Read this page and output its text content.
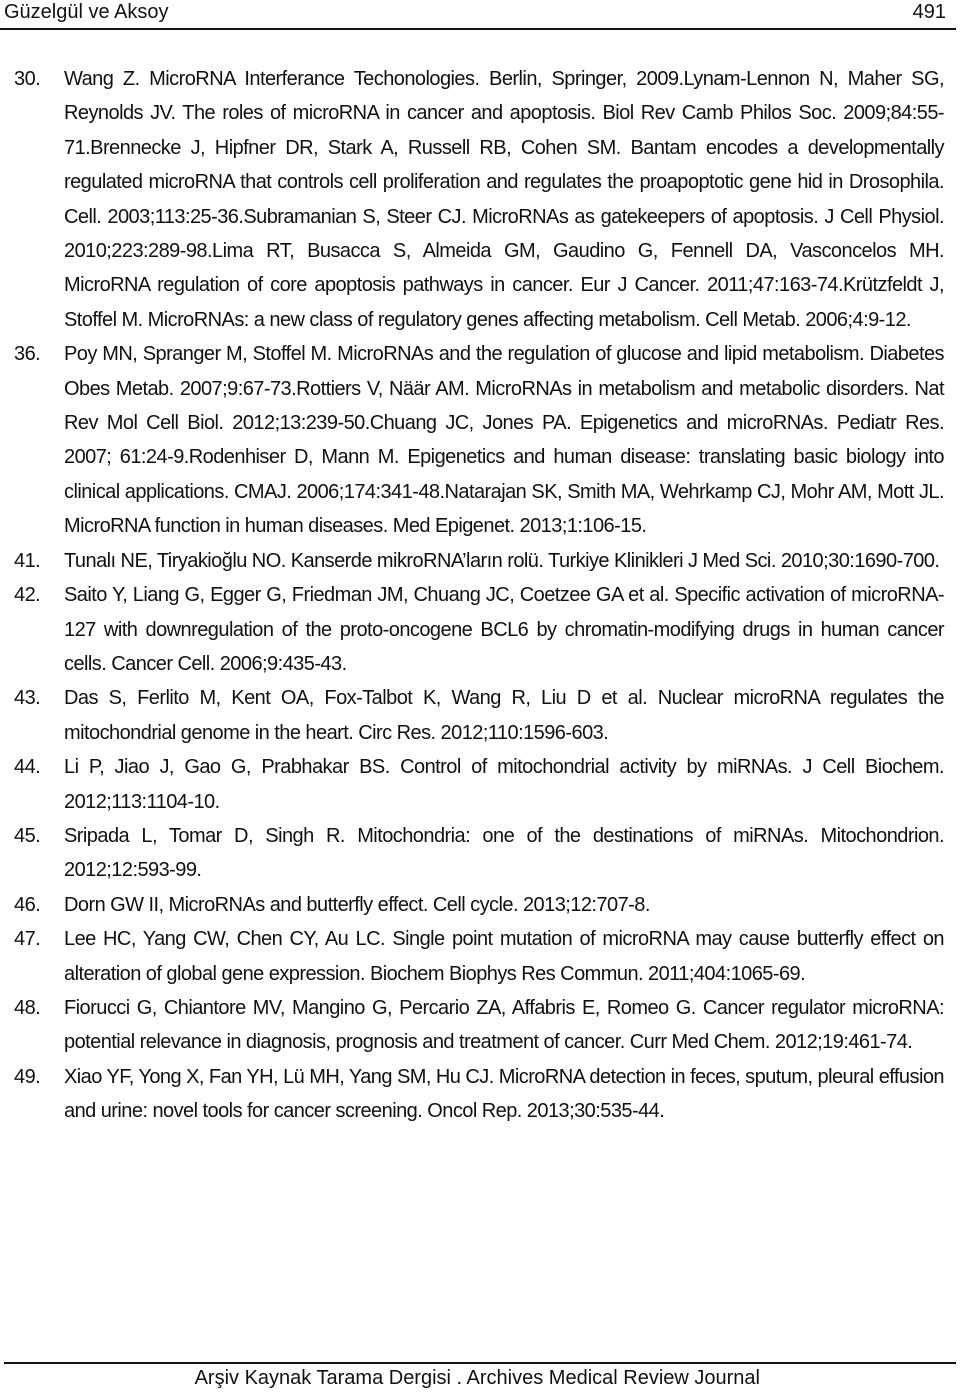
Güzelgül ve Aksoy	491
30.	Wang Z. MicroRNA Interferance Techonologies. Berlin, Springer, 2009.Lynam-Lennon N, Maher SG, Reynolds JV. The roles of microRNA in cancer and apoptosis. Biol Rev Camb Philos Soc. 2009;84:55-71.Brennecke J, Hipfner DR, Stark A, Russell RB, Cohen SM. Bantam encodes a developmentally regulated microRNA that controls cell proliferation and regulates the proapoptotic gene hid in Drosophila. Cell. 2003;113:25-36.Subramanian S, Steer CJ. MicroRNAs as gatekeepers of apoptosis. J Cell Physiol. 2010;223:289-98.Lima RT, Busacca S, Almeida GM, Gaudino G, Fennell DA, Vasconcelos MH. MicroRNA regulation of core apoptosis pathways in cancer. Eur J Cancer. 2011;47:163-74.Krützfeldt J, Stoffel M. MicroRNAs: a new class of regulatory genes affecting metabolism. Cell Metab. 2006;4:9-12.
36.	Poy MN, Spranger M, Stoffel M. MicroRNAs and the regulation of glucose and lipid metabolism. Diabetes Obes Metab. 2007;9:67-73.Rottiers V, Näär AM. MicroRNAs in metabolism and metabolic disorders. Nat Rev Mol Cell Biol. 2012;13:239-50.Chuang JC, Jones PA. Epigenetics and microRNAs. Pediatr Res. 2007; 61:24-9.Rodenhiser D, Mann M. Epigenetics and human disease: translating basic biology into clinical applications. CMAJ. 2006;174:341-48.Natarajan SK, Smith MA, Wehrkamp CJ, Mohr AM, Mott JL. MicroRNA function in human diseases. Med Epigenet. 2013;1:106-15.
41.	Tunalı NE, Tiryakioğlu NO. Kanserde mikroRNA’ların rolü. Turkiye Klinikleri J Med Sci. 2010;30:1690-700.
42.	Saito Y, Liang G, Egger G, Friedman JM, Chuang JC, Coetzee GA et al. Specific activation of microRNA-127 with downregulation of the proto-oncogene BCL6 by chromatin-modifying drugs in human cancer cells. Cancer Cell. 2006;9:435-43.
43.	Das S, Ferlito M, Kent OA, Fox-Talbot K, Wang R, Liu D et al. Nuclear microRNA regulates the mitochondrial genome in the heart. Circ Res. 2012;110:1596-603.
44.	Li P, Jiao J, Gao G, Prabhakar BS. Control of mitochondrial activity by miRNAs. J Cell Biochem. 2012;113:1104-10.
45.	Sripada L, Tomar D, Singh R. Mitochondria: one of the destinations of miRNAs. Mitochondrion. 2012;12:593-99.
46.	Dorn GW II, MicroRNAs and butterfly effect. Cell cycle. 2013;12:707-8.
47.	Lee HC, Yang CW, Chen CY, Au LC. Single point mutation of microRNA may cause butterfly effect on alteration of global gene expression. Biochem Biophys Res Commun. 2011;404:1065-69.
48.	Fiorucci G, Chiantore MV, Mangino G, Percario ZA, Affabris E, Romeo G. Cancer regulator microRNA: potential relevance in diagnosis, prognosis and treatment of cancer. Curr Med Chem. 2012;19:461-74.
49.	Xiao YF, Yong X, Fan YH, Lü MH, Yang SM, Hu CJ. MicroRNA detection in feces, sputum, pleural effusion and urine: novel tools for cancer screening. Oncol Rep. 2013;30:535-44.
Arşiv Kaynak Tarama Dergisi . Archives Medical Review Journal
